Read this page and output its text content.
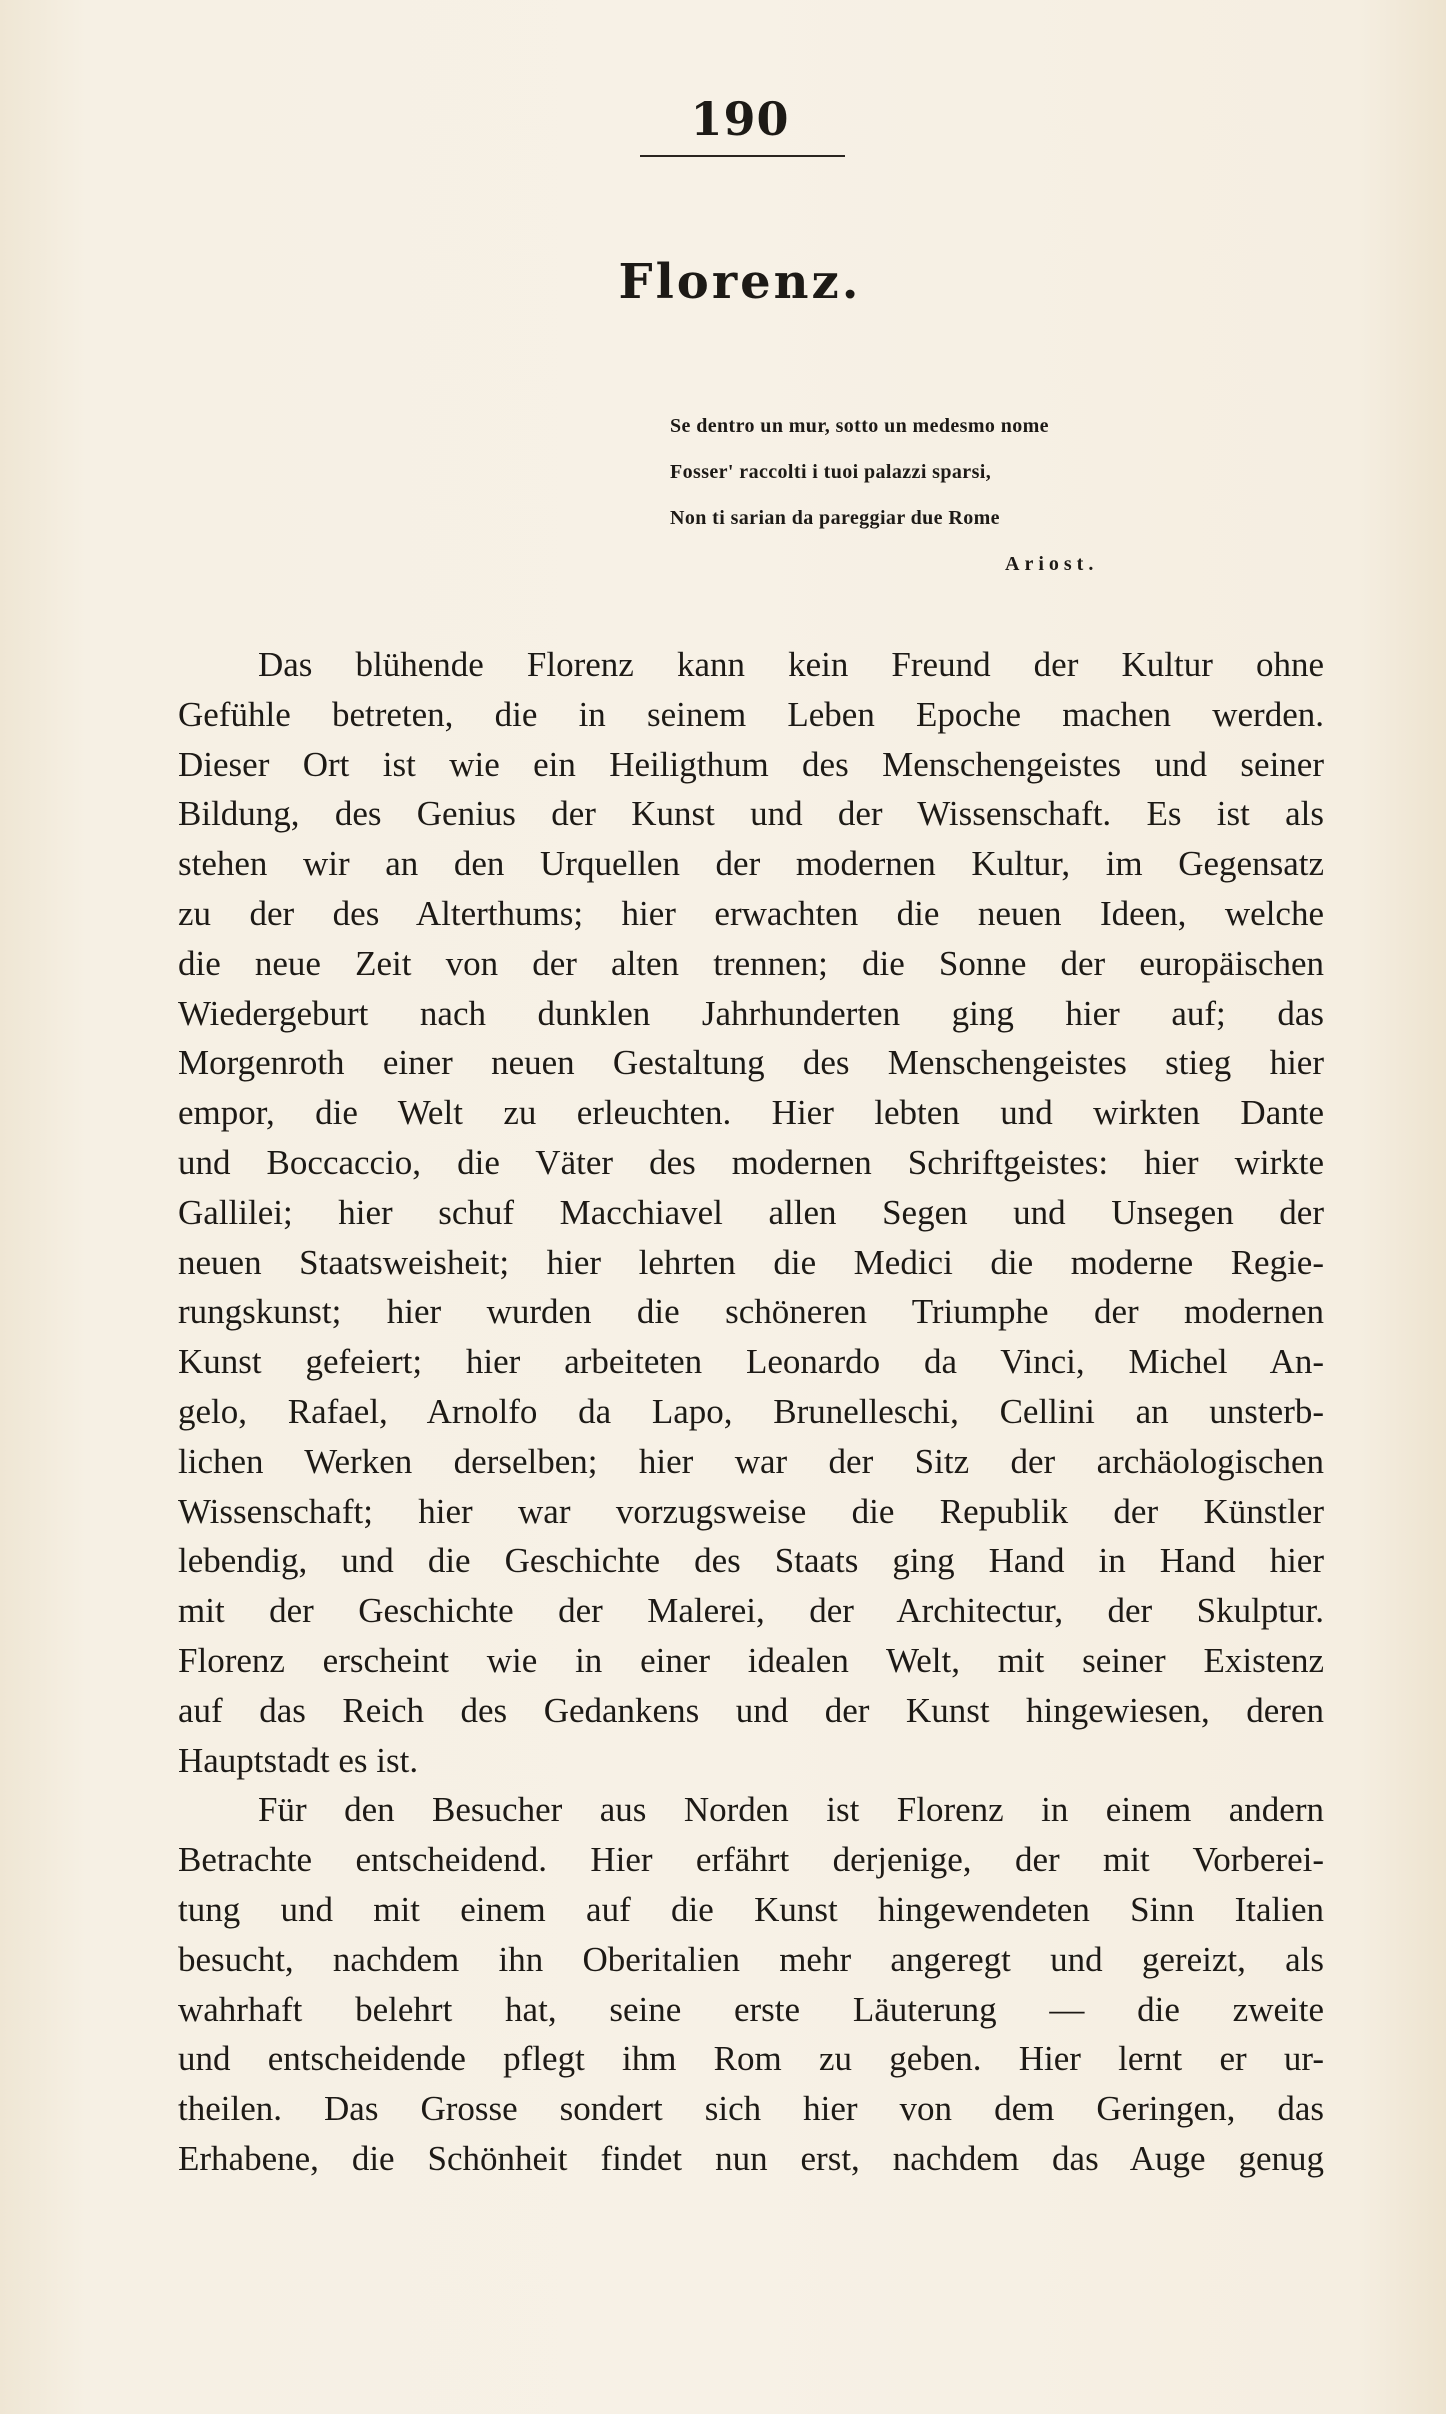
190
Florenz.
Se dentro un mur, sotto un medesmo nome
Fosser' raccolti i tuoi palazzi sparsi,
Non ti sarian da pareggiar due Rome
Ariost.
Das blühende Florenz kann kein Freund der Kultur ohne
Gefühle betreten, die in seinem Leben Epoche machen werden.
Dieser Ort ist wie ein Heiligthum des Menschengeistes und seiner
Bildung, des Genius der Kunst und der Wissenschaft. Es ist als
stehen wir an den Urquellen der modernen Kultur, im Gegensatz
zu der des Alterthums; hier erwachten die neuen Ideen, welche
die neue Zeit von der alten trennen; die Sonne der europäischen
Wiedergeburt nach dunklen Jahrhunderten ging hier auf; das
Morgenroth einer neuen Gestaltung des Menschengeistes stieg hier
empor, die Welt zu erleuchten. Hier lebten und wirkten Dante
und Boccaccio, die Väter des modernen Schriftgeistes: hier wirkte
Gallilei; hier schuf Macchiavel allen Segen und Unsegen der
neuen Staatsweisheit; hier lehrten die Medici die moderne Regie-
rungskunst; hier wurden die schöneren Triumphe der modernen
Kunst gefeiert; hier arbeiteten Leonardo da Vinci, Michel An-
gelo, Rafael, Arnolfo da Lapo, Brunelleschi, Cellini an unsterb-
lichen Werken derselben; hier war der Sitz der archäologischen
Wissenschaft; hier war vorzugsweise die Republik der Künstler
lebendig, und die Geschichte des Staats ging Hand in Hand hier
mit der Geschichte der Malerei, der Architectur, der Skulptur.
Florenz erscheint wie in einer idealen Welt, mit seiner Existenz
auf das Reich des Gedankens und der Kunst hingewiesen, deren
Hauptstadt es ist.
Für den Besucher aus Norden ist Florenz in einem andern
Betrachte entscheidend. Hier erfährt derjenige, der mit Vorberei-
tung und mit einem auf die Kunst hingewendeten Sinn Italien
besucht, nachdem ihn Oberitalien mehr angeregt und gereizt, als
wahrhaft belehrt hat, seine erste Läuterung — die zweite
und entscheidende pflegt ihm Rom zu geben. Hier lernt er ur-
theilen. Das Grosse sondert sich hier von dem Geringen, das
Erhabene, die Schönheit findet nun erst, nachdem das Auge genug
